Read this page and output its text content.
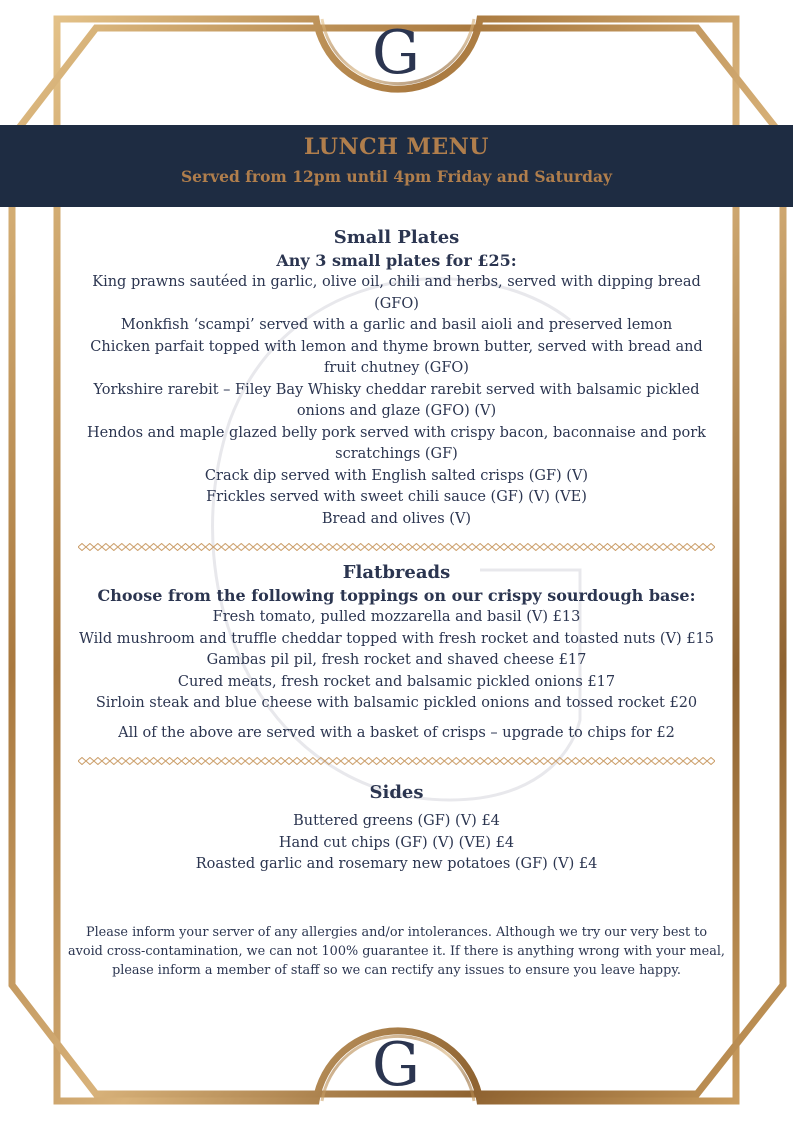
G
LUNCH MENU
Served from 12pm until 4pm Friday and Saturday

Small Plates

Any 3 small plates for £25:

King prawns sautéed in garlic, olive oil, chili and herbs, served with dipping bread (GFO)

Monkfish ‘scampi’ served with a garlic and basil aioli and preserved lemon

Chicken parfait topped with lemon and thyme brown butter, served with bread and fruit chutney (GFO)

Yorkshire rarebit – Filey Bay Whisky cheddar rarebit served with balsamic pickled onions and glaze (GFO) (V)

Hendos and maple glazed belly pork served with crispy bacon, baconnaise and pork scratchings (GF)

Crack dip served with English salted crisps (GF) (V)

Frickles served with sweet chili sauce (GF) (V) (VE)

Bread and olives (V)

Flatbreads

Choose from the following toppings on our crispy sourdough base:

Fresh tomato, pulled mozzarella and basil (V) £13

Wild mushroom and truffle cheddar topped with fresh rocket and toasted nuts (V) £15

Gambas pil pil, fresh rocket and shaved cheese £17

Cured meats, fresh rocket and balsamic pickled onions £17

Sirloin steak and blue cheese with balsamic pickled onions and tossed rocket £20

All of the above are served with a basket of crisps – upgrade to chips for £2

Sides

Buttered greens (GF) (V) £4

Hand cut chips (GF) (V) (VE) £4

Roasted garlic and rosemary new potatoes (GF) (V) £4

Please inform your server of any allergies and/or intolerances. Although we try our very best to avoid cross-contamination, we can not 100% guarantee it. If there is anything wrong with your meal, please inform a member of staff so we can rectify any issues to ensure you leave happy.
G
